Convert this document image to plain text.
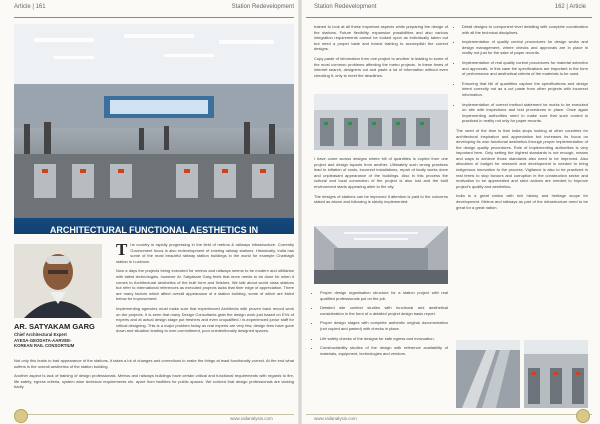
Article | 161	Station Redevelopment
ARCHITECTURAL FUNCTIONAL AESTHETICS IN
AR. SATYAKAM GARG
Chief Architectural Expert
AYESA-GEODATA-AARVEE-
KOREAN RAIL CONSORTIUM

The country is rapidly progressing in the field of metros & railways infrastructure. Currently Government focus is also redevelopment of existing railway stations. Historically, India has some of the most beautiful railway station buildings in the world for example Charbagh station in Lucknow.

Now a days the projects being executed for metros and railways seems to be modern and utilitarian with latest technologies, however Ar. Satyakam Garg feels that more needs to be done for when it comes to Architectural aesthetics of the built form and finishes. We talk about world class stations but refer to international references as executed projects lacks that finer edge of appreciation. There are many factors which affect overall appearance of a station building, some of which are listed below for improvement.

Implementing agencies must make sure that experienced Architects with proven track record work on the projects. It is seen that many Design Consultants grab the design work just based on EVs of experts and at actual design stage put freshers and even unqualified / in-experienced junior staff for critical designing. This is a major problem today as real experts are very few, design fees have gone down and situation leading to over-commitment, poor unintentionally designed spaces.

Not only this leads to bad appearance of the stations, it takes a lot of changes and corrections to make the things at least functionally correct. At the end what suffers is the overall aesthetics of the station building.

Another aspect is lack of training of design professionals. Metros and railways buildings have certain critical and functional requirements with regards to fire, life safety, egress criteria, system wise technical requirements etc. apart from facilities for public spaces. We noticed that design professionals are lacking badly

www.railanalysis.com
Station Redevelopment	162 | Article

trained to look at all these important aspects while preparing the design of the stations. Future flexibility, expansion possibilities and also various integration requirements cannot be looked upon as individually taken out but need a proper taste and formal training to accomplish the correct designs.

Copy paste of information from one project to another is leading to some of the most common problems affecting the metro projects. In these times of internet search, designers cut and paste a lot of information without even checking it, only to meet the deadlines.

I have come across designs where bill of quantities is copied from one project and design layouts from another. Ultimately such wrong practices lead to inflation of costs, incorrect installations, repair of faulty works done and unpleasant appearance of the buildings. Also in this process the cultural and local connection of the project is also lost and the built environment starts appearing alien to the city.

The designs of stations can be improved if attention is paid to the concerns stated as above and following is strictly implemented:

• Proper design organisation structure for a station project with real qualified professionals put on the job.
• Detailed site context studies with functional and aesthetical consideration in the form of a detailed project design basis report.
• Proper design stages with complete authentic original documentation (not copied and pasted) with checks in place.
• Life safety checks of the designs for safe egress and evacuation.
• Constructability studies of the design with reference availability of materials, equipment, technologies and vendors.
• Detail designs to component level detailing with complete coordination with all the technical disciplines.
• Implementation of quality control procedures for design works and design management, where checks and approvals are in place in reality not just for the sake of paper records.
• Implementation of real quality control procedures for material selection and approvals. In this case the specifications are important in the form of performance and aesthetical criteria of the materials to be used.
• Ensuring that bill of quantities capture the specifications and design intent correctly not as a cut paste from other projects with incorrect information.
• Implementation of correct method statement for works to be executed on site with inspections and test procedures in place. Once again Implementing authorities need to make sure that such control is practiced in reality not only for paper records.

The need of the time is that India stops looking at other countries for architectural inspiration and appreciation but increases its focus on developing its own functional aesthetics through proper implementation of the design quality procedures. Role of Implementing authorities is very important here. Only setting the highest standards is not enough, means and ways to achieve those standards also need to be improved. Also allocation of budget for research and development is needed to bring indigenous innovation to the process. Vigilance is also to be practiced in real terms to stop favours and corruption in the construction sector and motivation to be appreciated and strict actions are needed to improve project's quality and aesthetics.

India is a great nation with rich history and heritage scope for development. Metros and railways as part of the infrastructure need to be great for a great nation.

www.railanalysis.com
